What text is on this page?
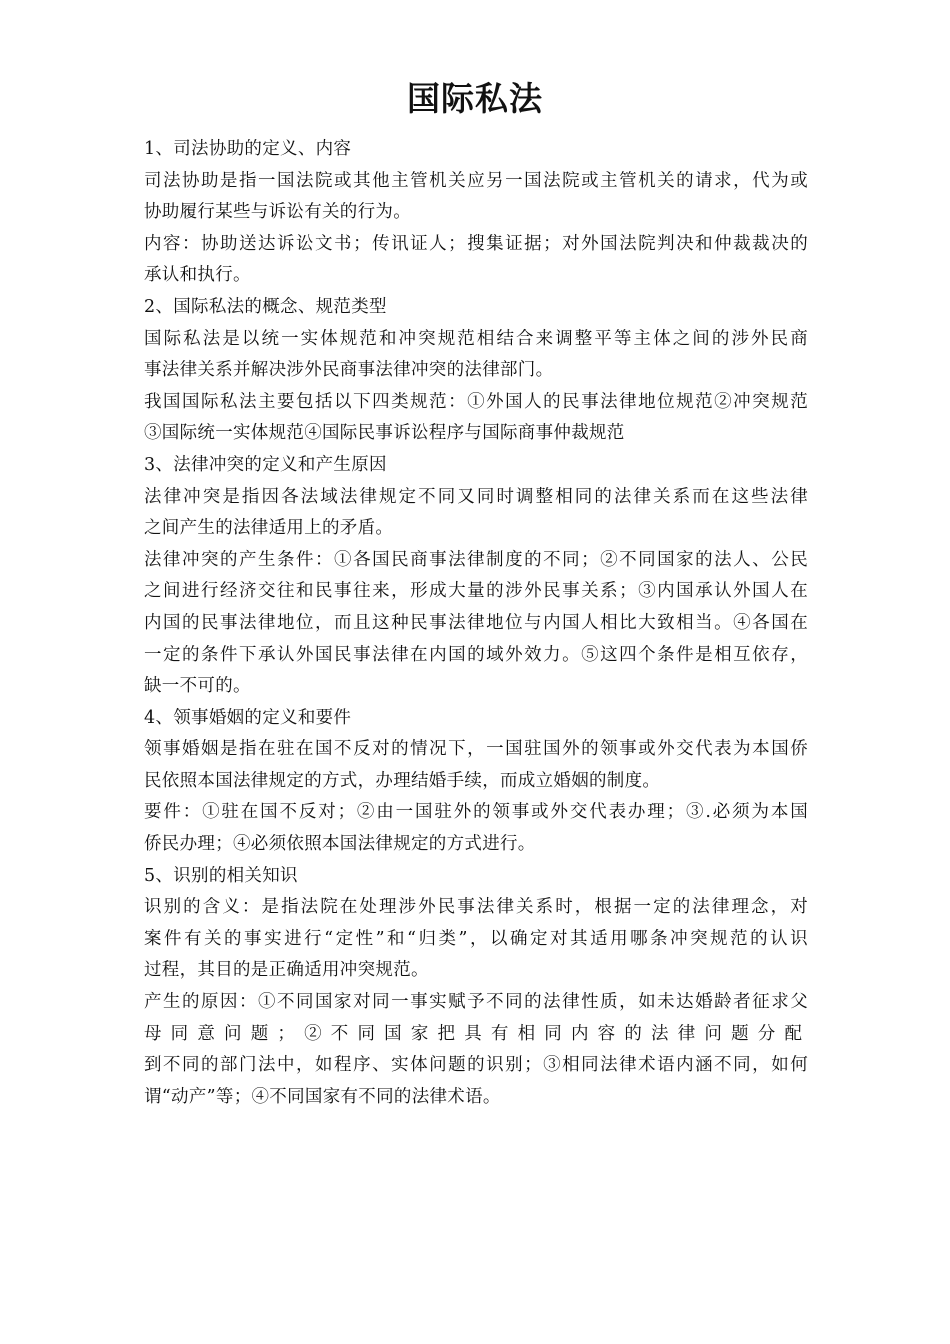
国际私法
1、司法协助的定义、内容
司法协助是指一国法院或其他主管机关应另一国法院或主管机关的请求，代为或
协助履行某些与诉讼有关的行为。
内容：协助送达诉讼文书；传讯证人；搜集证据；对外国法院判决和仲裁裁决的
承认和执行。
2、国际私法的概念、规范类型
国际私法是以统一实体规范和冲突规范相结合来调整平等主体之间的涉外民商
事法律关系并解决涉外民商事法律冲突的法律部门。
我国国际私法主要包括以下四类规范：①外国人的民事法律地位规范②冲突规范
③国际统一实体规范④国际民事诉讼程序与国际商事仲裁规范
3、法律冲突的定义和产生原因
法律冲突是指因各法域法律规定不同又同时调整相同的法律关系而在这些法律
之间产生的法律适用上的矛盾。
法律冲突的产生条件：①各国民商事法律制度的不同；②不同国家的法人、公民
之间进行经济交往和民事往来，形成大量的涉外民事关系；③内国承认外国人在
内国的民事法律地位，而且这种民事法律地位与内国人相比大致相当。④各国在
一定的条件下承认外国民事法律在内国的域外效力。⑤这四个条件是相互依存，
缺一不可的。
4、领事婚姻的定义和要件
领事婚姻是指在驻在国不反对的情况下，一国驻国外的领事或外交代表为本国侨
民依照本国法律规定的方式，办理结婚手续，而成立婚姻的制度。
要件：①驻在国不反对；②由一国驻外的领事或外交代表办理；③.必须为本国
侨民办理；④必须依照本国法律规定的方式进行。
5、识别的相关知识
识别的含义：是指法院在处理涉外民事法律关系时，根据一定的法律理念，对
案件有关的事实进行“定性”和“归类”，以确定对其适用哪条冲突规范的认识
过程，其目的是正确适用冲突规范。
产生的原因：①不同国家对同一事实赋予不同的法律性质，如未达婚龄者征求父
母同意问题；②不同国家把具有相同内容的法律问题分配
到不同的部门法中，如程序、实体问题的识别；③相同法律术语内涵不同，如何
谓“动产”等；④不同国家有不同的法律术语。
